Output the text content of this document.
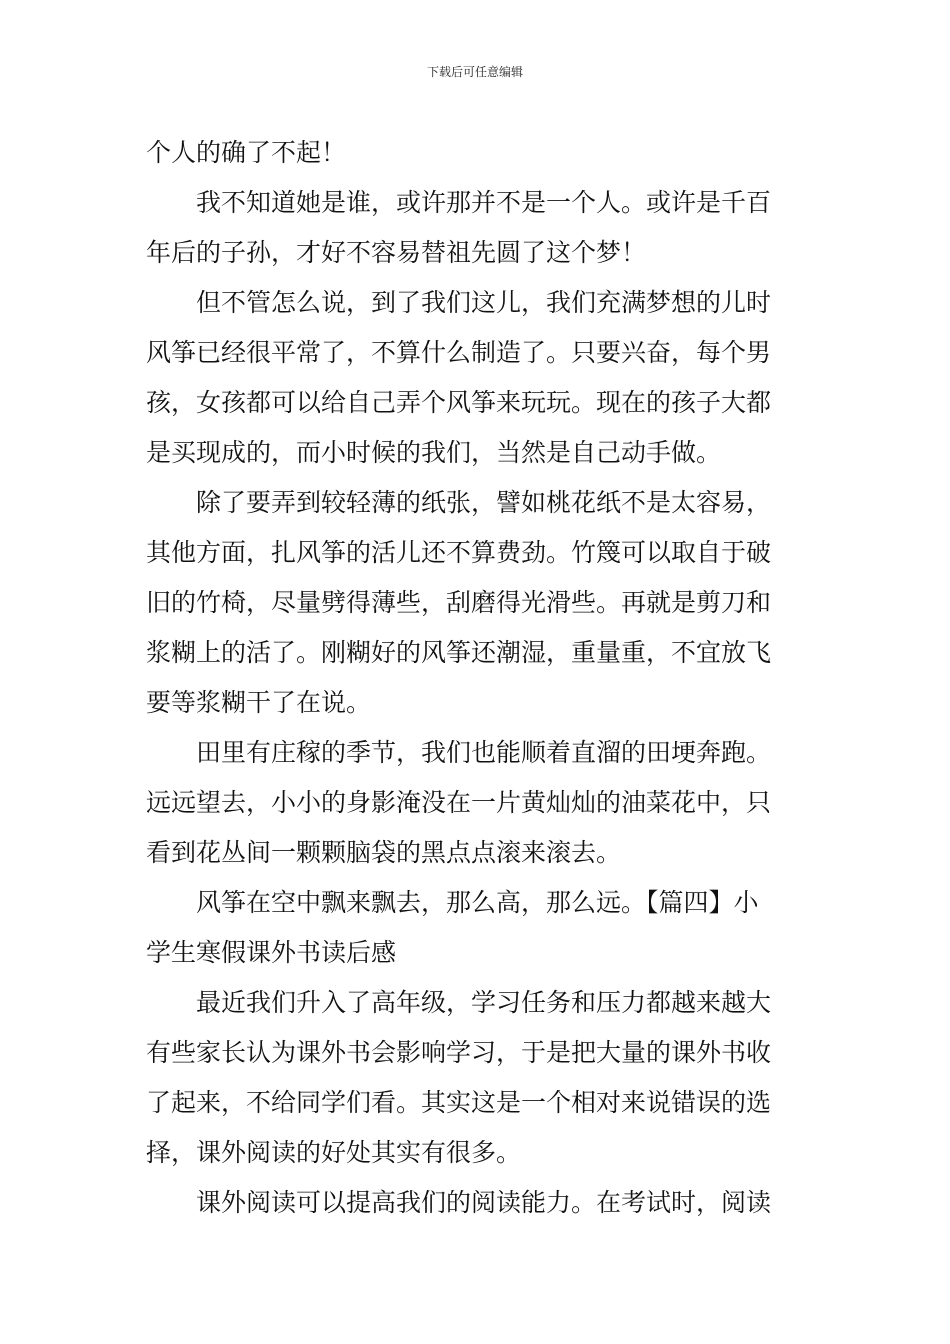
下载后可任意编辑
个人的确了不起！
我不知道她是谁，或许那并不是一个人。或许是千百
年后的子孙，才好不容易替祖先圆了这个梦！
但不管怎么说，到了我们这儿，我们充满梦想的儿时
风筝已经很平常了，不算什么制造了。只要兴奋，每个男
孩，女孩都可以给自己弄个风筝来玩玩。现在的孩子大都
是买现成的，而小时候的我们，当然是自己动手做。
除了要弄到较轻薄的纸张，譬如桃花纸不是太容易，
其他方面，扎风筝的活儿还不算费劲。竹篾可以取自于破
旧的竹椅，尽量劈得薄些，刮磨得光滑些。再就是剪刀和
浆糊上的活了。刚糊好的风筝还潮湿，重量重，不宜放飞
要等浆糊干了在说。
田里有庄稼的季节，我们也能顺着直溜的田埂奔跑。
远远望去，小小的身影淹没在一片黄灿灿的油菜花中，只
看到花丛间一颗颗脑袋的黑点点滚来滚去。
风筝在空中飘来飘去，那么高，那么远。【篇四】小
学生寒假课外书读后感
最近我们升入了高年级，学习任务和压力都越来越大
有些家长认为课外书会影响学习，于是把大量的课外书收
了起来，不给同学们看。其实这是一个相对来说错误的选
择，课外阅读的好处其实有很多。
课外阅读可以提高我们的阅读能力。在考试时，阅读
